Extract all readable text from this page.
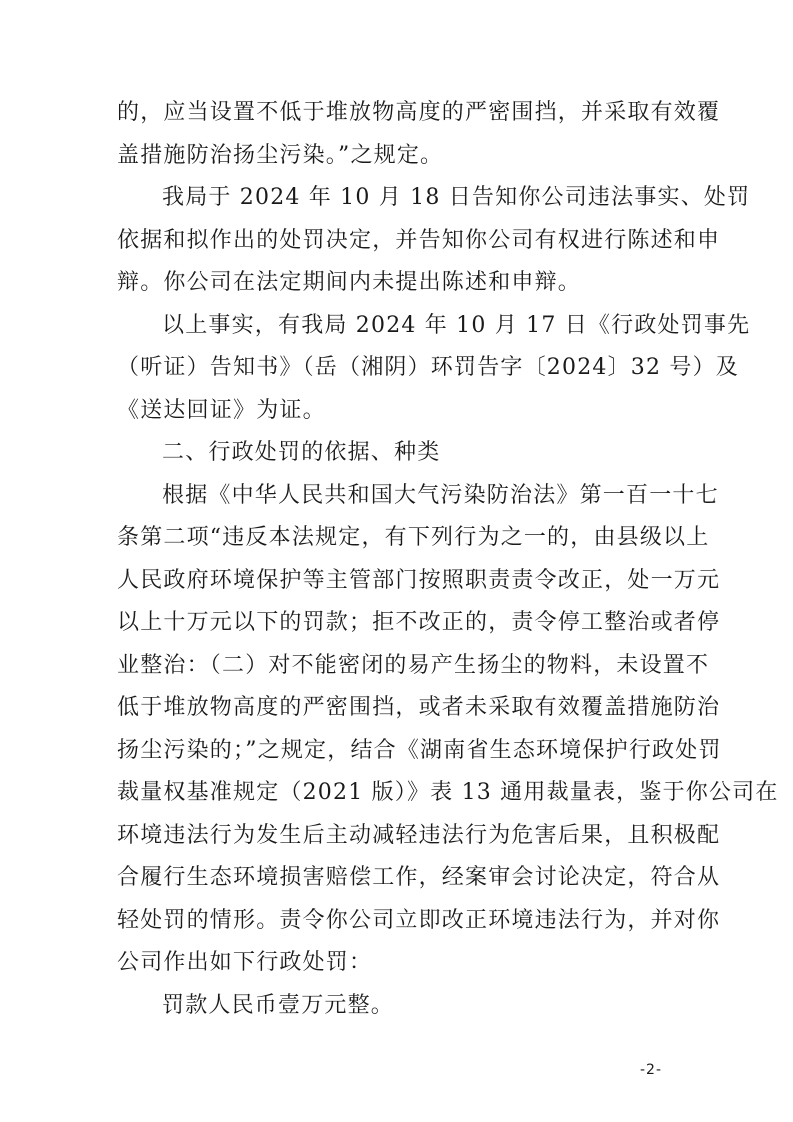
的，应当设置不低于堆放物高度的严密围挡，并采取有效覆
盖措施防治扬尘污染。”之规定。
我局于 2024 年 10 月 18 日告知你公司违法事实、处罚
依据和拟作出的处罚决定，并告知你公司有权进行陈述和申
辩。你公司在法定期间内未提出陈述和申辩。
以上事实，有我局 2024 年 10 月 17 日《行政处罚事先
（听证）告知书》（岳（湘阴）环罚告字〔2024〕32 号）及
《送达回证》为证。
二、行政处罚的依据、种类
根据《中华人民共和国大气污染防治法》第一百一十七
条第二项“违反本法规定，有下列行为之一的，由县级以上
人民政府环境保护等主管部门按照职责责令改正，处一万元
以上十万元以下的罚款；拒不改正的，责令停工整治或者停
业整治：（二）对不能密闭的易产生扬尘的物料，未设置不
低于堆放物高度的严密围挡，或者未采取有效覆盖措施防治
扬尘污染的；”之规定，结合《湖南省生态环境保护行政处罚
裁量权基准规定（2021 版）》表 13 通用裁量表，鉴于你公司在
环境违法行为发生后主动减轻违法行为危害后果，且积极配
合履行生态环境损害赔偿工作，经案审会讨论决定，符合从
轻处罚的情形。责令你公司立即改正环境违法行为，并对你
公司作出如下行政处罚：
罚款人民币壹万元整。
-2-
